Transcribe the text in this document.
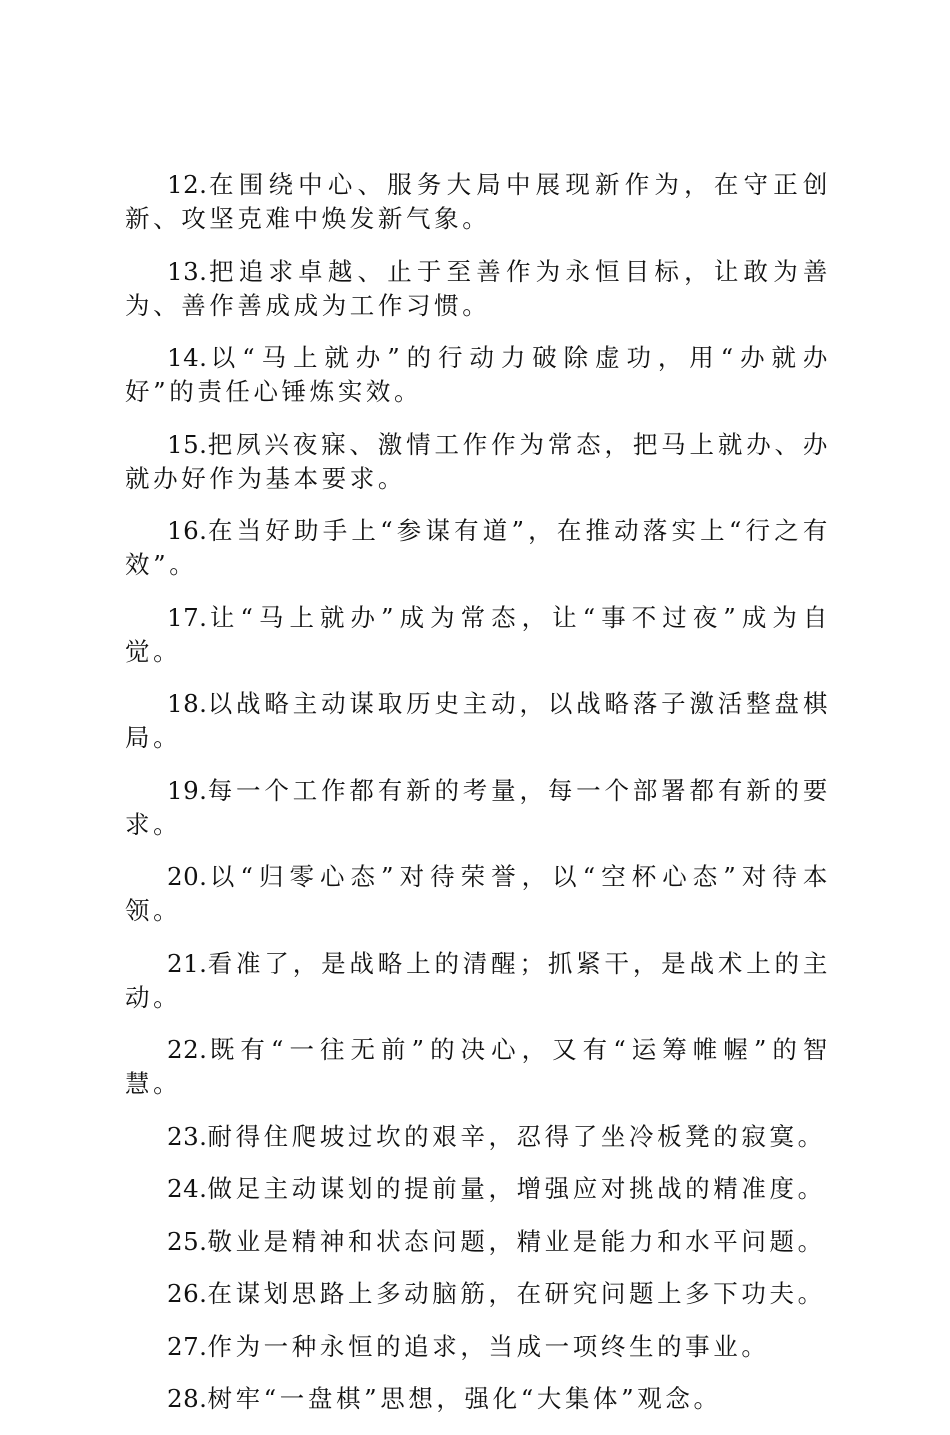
12.在围绕中心、服务大局中展现新作为，在守正创新、攻坚克难中焕发新气象。

13.把追求卓越、止于至善作为永恒目标，让敢为善为、善作善成成为工作习惯。

14.以“马上就办”的行动力破除虚功，用“办就办好”的责任心锤炼实效。

15.把夙兴夜寐、激情工作作为常态，把马上就办、办就办好作为基本要求。

16.在当好助手上“参谋有道”，在推动落实上“行之有效”。

17.让“马上就办”成为常态，让“事不过夜”成为自觉。

18.以战略主动谋取历史主动，以战略落子激活整盘棋局。

19.每一个工作都有新的考量，每一个部署都有新的要求。

20.以“归零心态”对待荣誉，以“空杯心态”对待本领。

21.看准了，是战略上的清醒；抓紧干，是战术上的主动。

22.既有“一往无前”的决心，又有“运筹帷幄”的智慧。

23.耐得住爬坡过坎的艰辛，忍得了坐冷板凳的寂寞。

24.做足主动谋划的提前量，增强应对挑战的精准度。

25.敬业是精神和状态问题，精业是能力和水平问题。

26.在谋划思路上多动脑筋，在研究问题上多下功夫。

27.作为一种永恒的追求，当成一项终生的事业。

28.树牢“一盘棋”思想，强化“大集体”观念。
